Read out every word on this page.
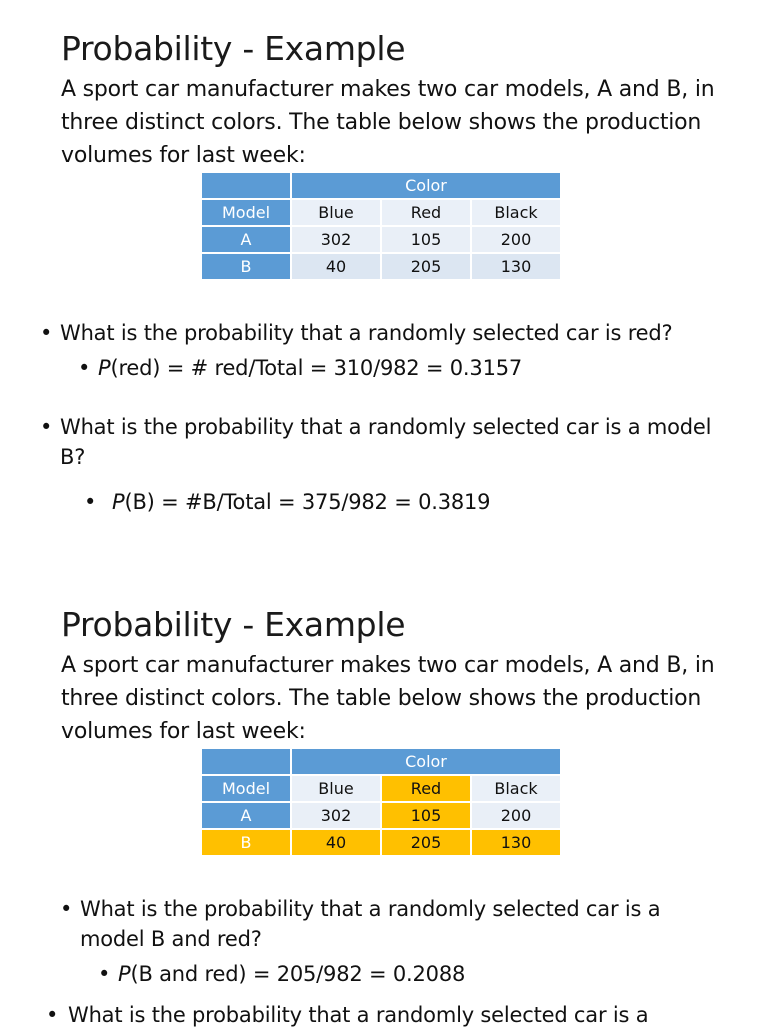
Probability - Example

A sport car manufacturer makes two car models, A and B, in three distinct colors. The table below shows the production volumes for last week:

	Color		
Model	Blue	Red	Black
A	302	105	200
B	40	205	130
• What is the probability that a randomly selected car is red?
• P(red) = # red/Total = 310/982 = 0.3157
• What is the probability that a randomly selected car is a model B?
• P(B) = #B/Total = 375/982 = 0.3819
Probability - Example

A sport car manufacturer makes two car models, A and B, in three distinct colors. The table below shows the production volumes for last week:

	Color		
Model	Blue	Red	Black
A	302	105	200
B	40	205	130
• What is the probability that a randomly selected car is a model B and red?
• P(B and red) = 205/982 = 0.2088
• What is the probability that a randomly selected car is a
